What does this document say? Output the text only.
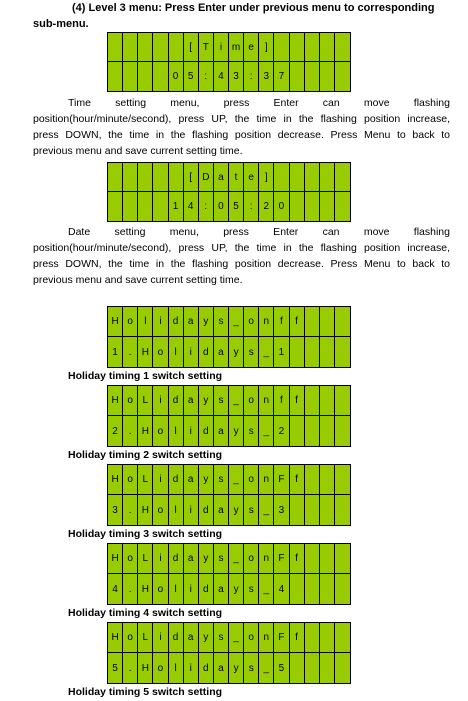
(4) Level 3 menu: Press Enter under previous menu to corresponding
sub-menu.
[	T	i m e	]
0 5	:	4 3	:	3 7
Time setting menu, press Enter can move flashing
position(hour/minute/second), press UP, the time in the flashing position increase,
press DOWN, the time in the flashing position decrease. Press Menu to back to
previous menu and save current setting time.
[	D a	t	e	]
1 4	:	0 5	:	2 0
Date setting menu, press Enter can move flashing
position(hour/minute/second), press UP, the time in the flashing position increase,
press DOWN, the time in the flashing position decrease. Press Menu to back to
previous menu and save current setting time.
H o	l	i	d a y	s _ o n	f	f
1	.	H o	l	i	d a y	s _ 1
Holiday timing 1 switch setting
H o L	i	d a y	s _ o n	f	f
2	.	H o	l	i	d a y	s _ 2
Holiday timing 2 switch setting
H o L	i	d a y	s _ o n F	f
3	.	H o	l	i	d a y	s _ 3
Holiday timing 3 switch setting
H o L	i	d a y	s _ o n F	f
4	.	H o	l	i	d a y	s _ 4
Holiday timing 4 switch setting
H o L	i	d a y	s _ o n F	f
5	.	H o	l	i	d a y	s _ 5
Holiday timing 5 switch setting
